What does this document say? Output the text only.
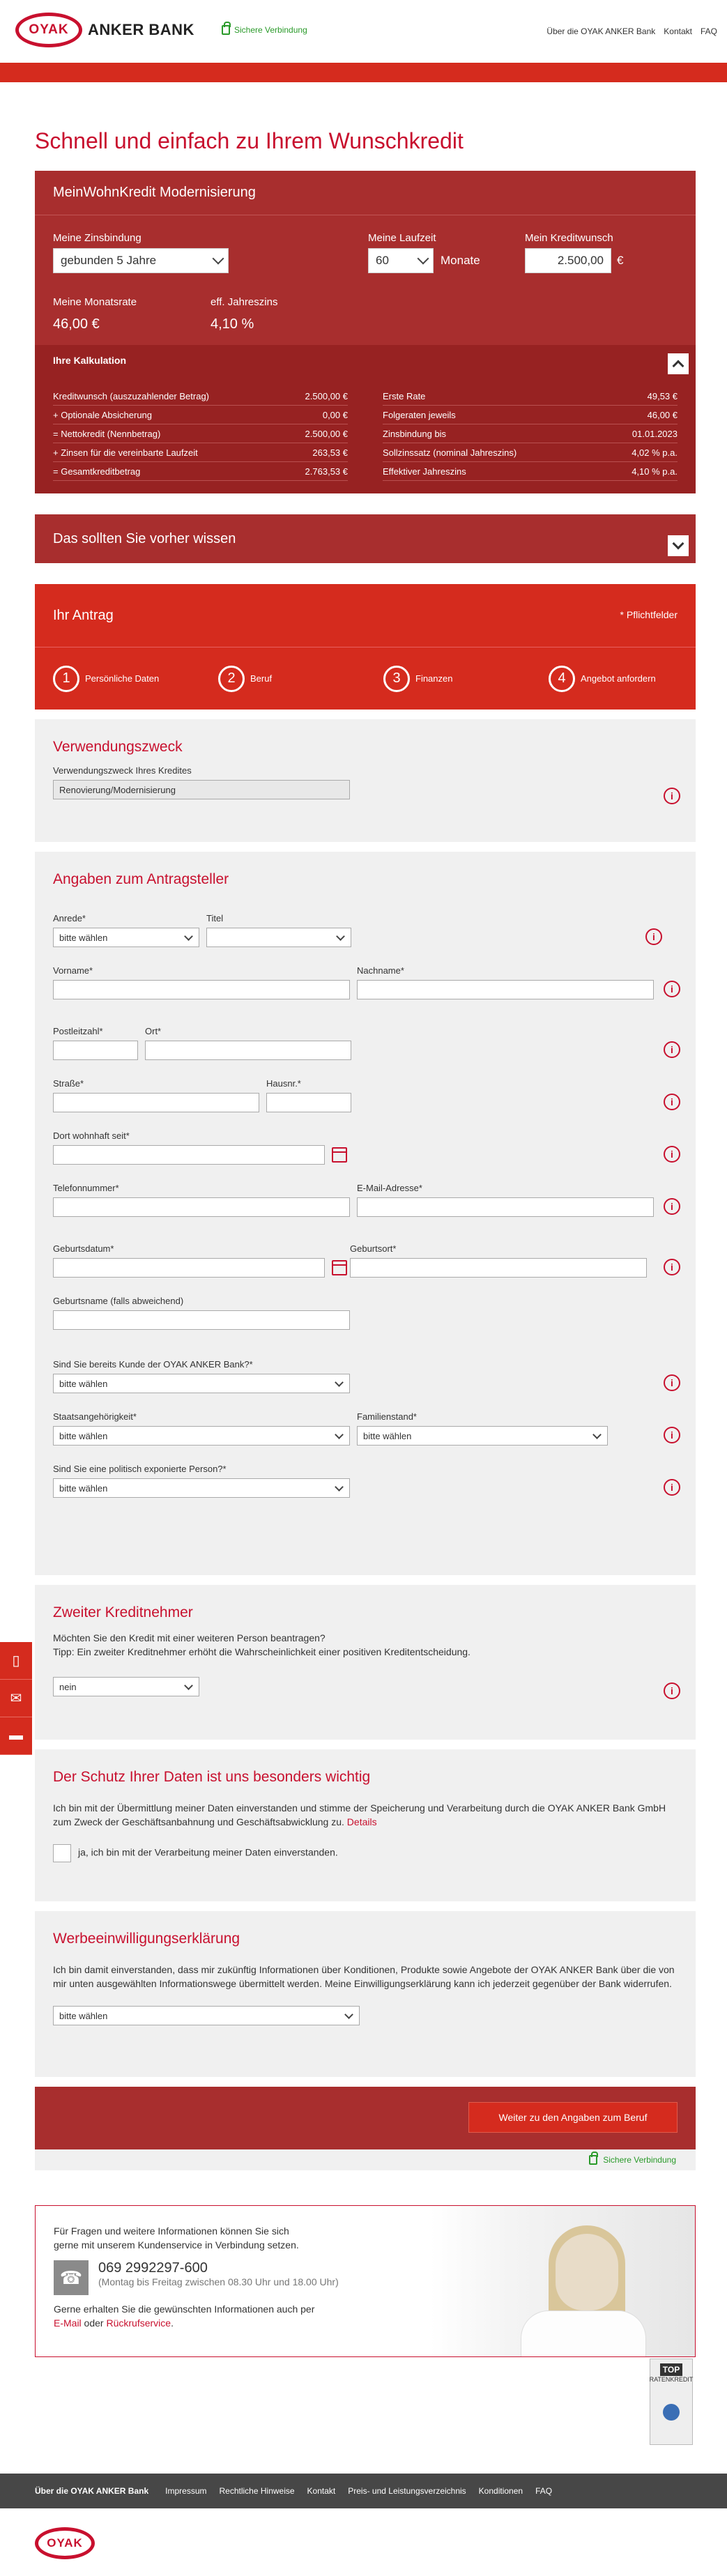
OYAK	ANKER BANK	Sichere Verbindung	Über die OYAK ANKER Bank Kontakt FAQ
▯
✉
▬
Schnell und einfach zu Ihrem Wunschkredit
MeinWohnKredit Modernisierung
Meine Zinsbindung
gebunden 5 Jahre
Meine Laufzeit
60	Monate
Mein Kreditwunsch
2.500,00 €
Meine Monatsrate
46,00 €
eff. Jahreszins
4,10 %
Ihre Kalkulation
Kreditwunsch (auszuzahlender Betrag)	2.500,00 €
+ Optionale Absicherung	0,00 €
= Nettokredit (Nennbetrag)	2.500,00 €
+ Zinsen für die vereinbarte Laufzeit	263,53 €
= Gesamtkreditbetrag	2.763,53 €
Erste Rate	49,53 €
Folgeraten jeweils	46,00 €
Zinsbindung bis	01.01.2023
Sollzinssatz (nominal Jahreszins)	4,02 % p.a.
Effektiver Jahreszins	4,10 % p.a.
Das sollten Sie vorher wissen
Ihr Antrag	* Pflichtfelder
1	Persönliche Daten	2	Beruf	3	Finanzen	4	Angebot anfordern
Verwendungszweck
Verwendungszweck Ihres Kredites
Renovierung/Modernisierung
i
Angaben zum Antragsteller
Anrede*
bitte wählen
Titel
i
Vorname*	Nachname*
i
Postleitzahl*	Ort*
i
Straße*	Hausnr.*
i
Dort wohnhaft seit*
i
Telefonnummer*	E-Mail-Adresse*
i
Geburtsdatum*	Geburtsort*
i
Geburtsname (falls abweichend)
Sind Sie bereits Kunde der OYAK ANKER Bank?*
bitte wählen	i
Staatsangehörigkeit*
bitte wählen
Familienstand*
bitte wählen	i
Sind Sie eine politisch exponierte Person?*
bitte wählen	i
Zweiter Kreditnehmer
Möchten Sie den Kredit mit einer weiteren Person beantragen?
Tipp: Ein zweiter Kreditnehmer erhöht die Wahrscheinlichkeit einer positiven Kreditentscheidung.
nein	i
Der Schutz Ihrer Daten ist uns besonders wichtig
Ich bin mit der Übermittlung meiner Daten einverstanden und stimme der Speicherung und Verarbeitung durch die OYAK ANKER Bank GmbH zum Zweck der Geschäftsanbahnung und Geschäftsabwicklung zu. Details
ja, ich bin mit der Verarbeitung meiner Daten einverstanden.
Werbeeinwilligungserklärung
Ich bin damit einverstanden, dass mir zukünftig Informationen über Konditionen, Produkte sowie Angebote der OYAK ANKER Bank über die von mir unten ausgewählten Informationswege übermittelt werden. Meine Einwilligungserklärung kann ich jederzeit gegenüber der Bank widerrufen.
bitte wählen
Weiter zu den Angaben zum Beruf
Sichere Verbindung
Für Fragen und weitere Informationen können Sie sich
gerne mit unserem Kundenservice in Verbindung setzen.
☎	069 2992297-600
(Montag bis Freitag zwischen 08.30 Uhr und 18.00 Uhr)
Gerne erhalten Sie die gewünschten Informationen auch per
E-Mail oder Rückrufservice.
TOP
RATENKREDIT
Über die OYAK ANKER Bank Impressum Rechtliche Hinweise Kontakt Preis- und Leistungsverzeichnis Konditionen FAQ
OYAK
